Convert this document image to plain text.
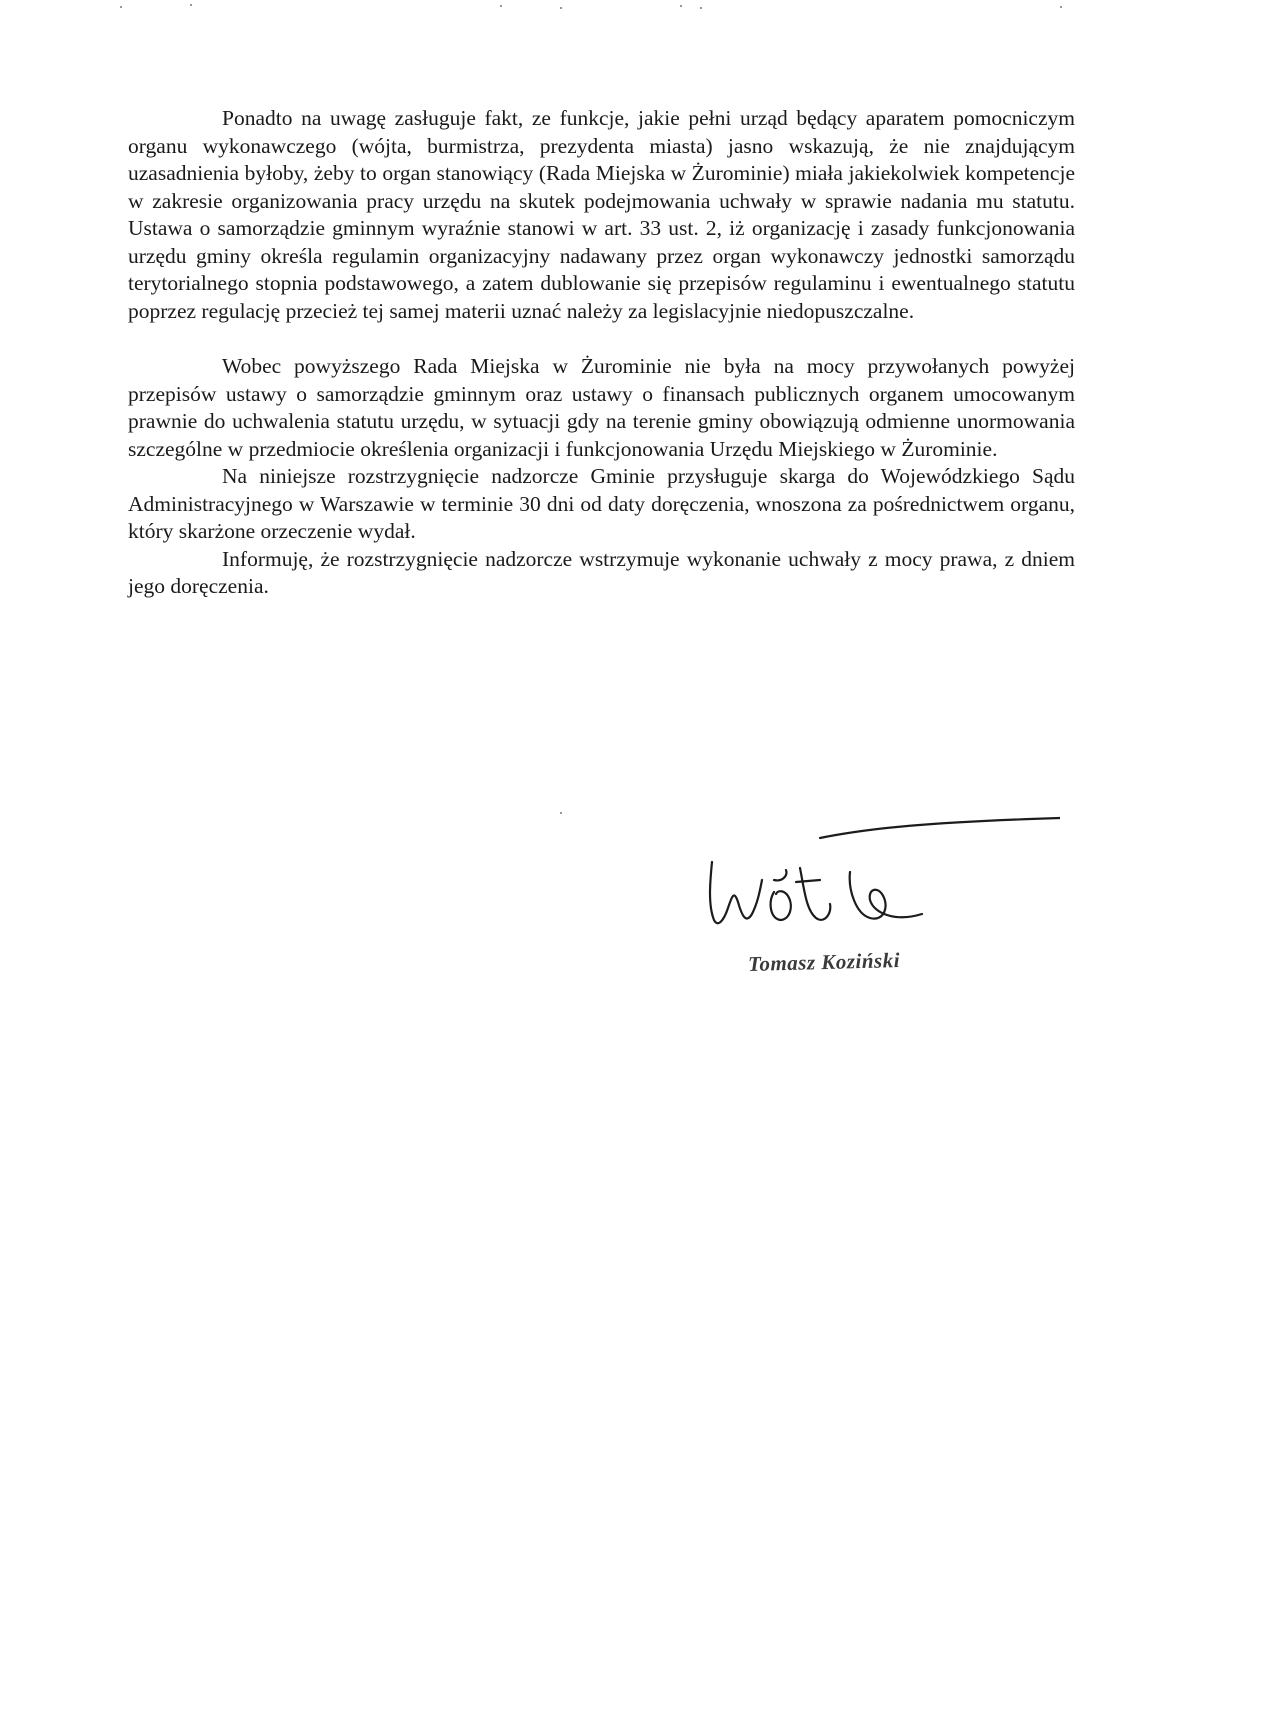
Ponadto na uwagę zasługuje fakt, ze funkcje, jakie pełni urząd będący aparatem pomocniczym organu wykonawczego (wójta, burmistrza, prezydenta miasta) jasno wskazują, że nie znajdującym uzasadnienia byłoby, żeby to organ stanowiący (Rada Miejska w Żurominie) miała jakiekolwiek kompetencje w zakresie organizowania pracy urzędu na skutek podejmowania uchwały w sprawie nadania mu statutu. Ustawa o samorządzie gminnym wyraźnie stanowi w art. 33 ust. 2, iż organizację i zasady funkcjonowania urzędu gminy określa regulamin organizacyjny nadawany przez organ wykonawczy jednostki samorządu terytorialnego stopnia podstawowego, a zatem dublowanie się przepisów regulaminu i ewentualnego statutu poprzez regulację przecież tej samej materii uznać należy za legislacyjnie niedopuszczalne.

Wobec powyższego Rada Miejska w Żurominie nie była na mocy przywołanych powyżej przepisów ustawy o samorządzie gminnym oraz ustawy o finansach publicznych organem umocowanym prawnie do uchwalenia statutu urzędu, w sytuacji gdy na terenie gminy obowiązują odmienne unormowania szczególne w przedmiocie określenia organizacji i funkcjonowania Urzędu Miejskiego w Żurominie.

Na niniejsze rozstrzygnięcie nadzorcze Gminie przysługuje skarga do Wojewódzkiego Sądu Administracyjnego w Warszawie w terminie 30 dni od daty doręczenia, wnoszona za pośrednictwem organu, który skarżone orzeczenie wydał.

Informuję, że rozstrzygnięcie nadzorcze wstrzymuje wykonanie uchwały z mocy prawa, z dniem jego doręczenia.

Tomasz Koziński
